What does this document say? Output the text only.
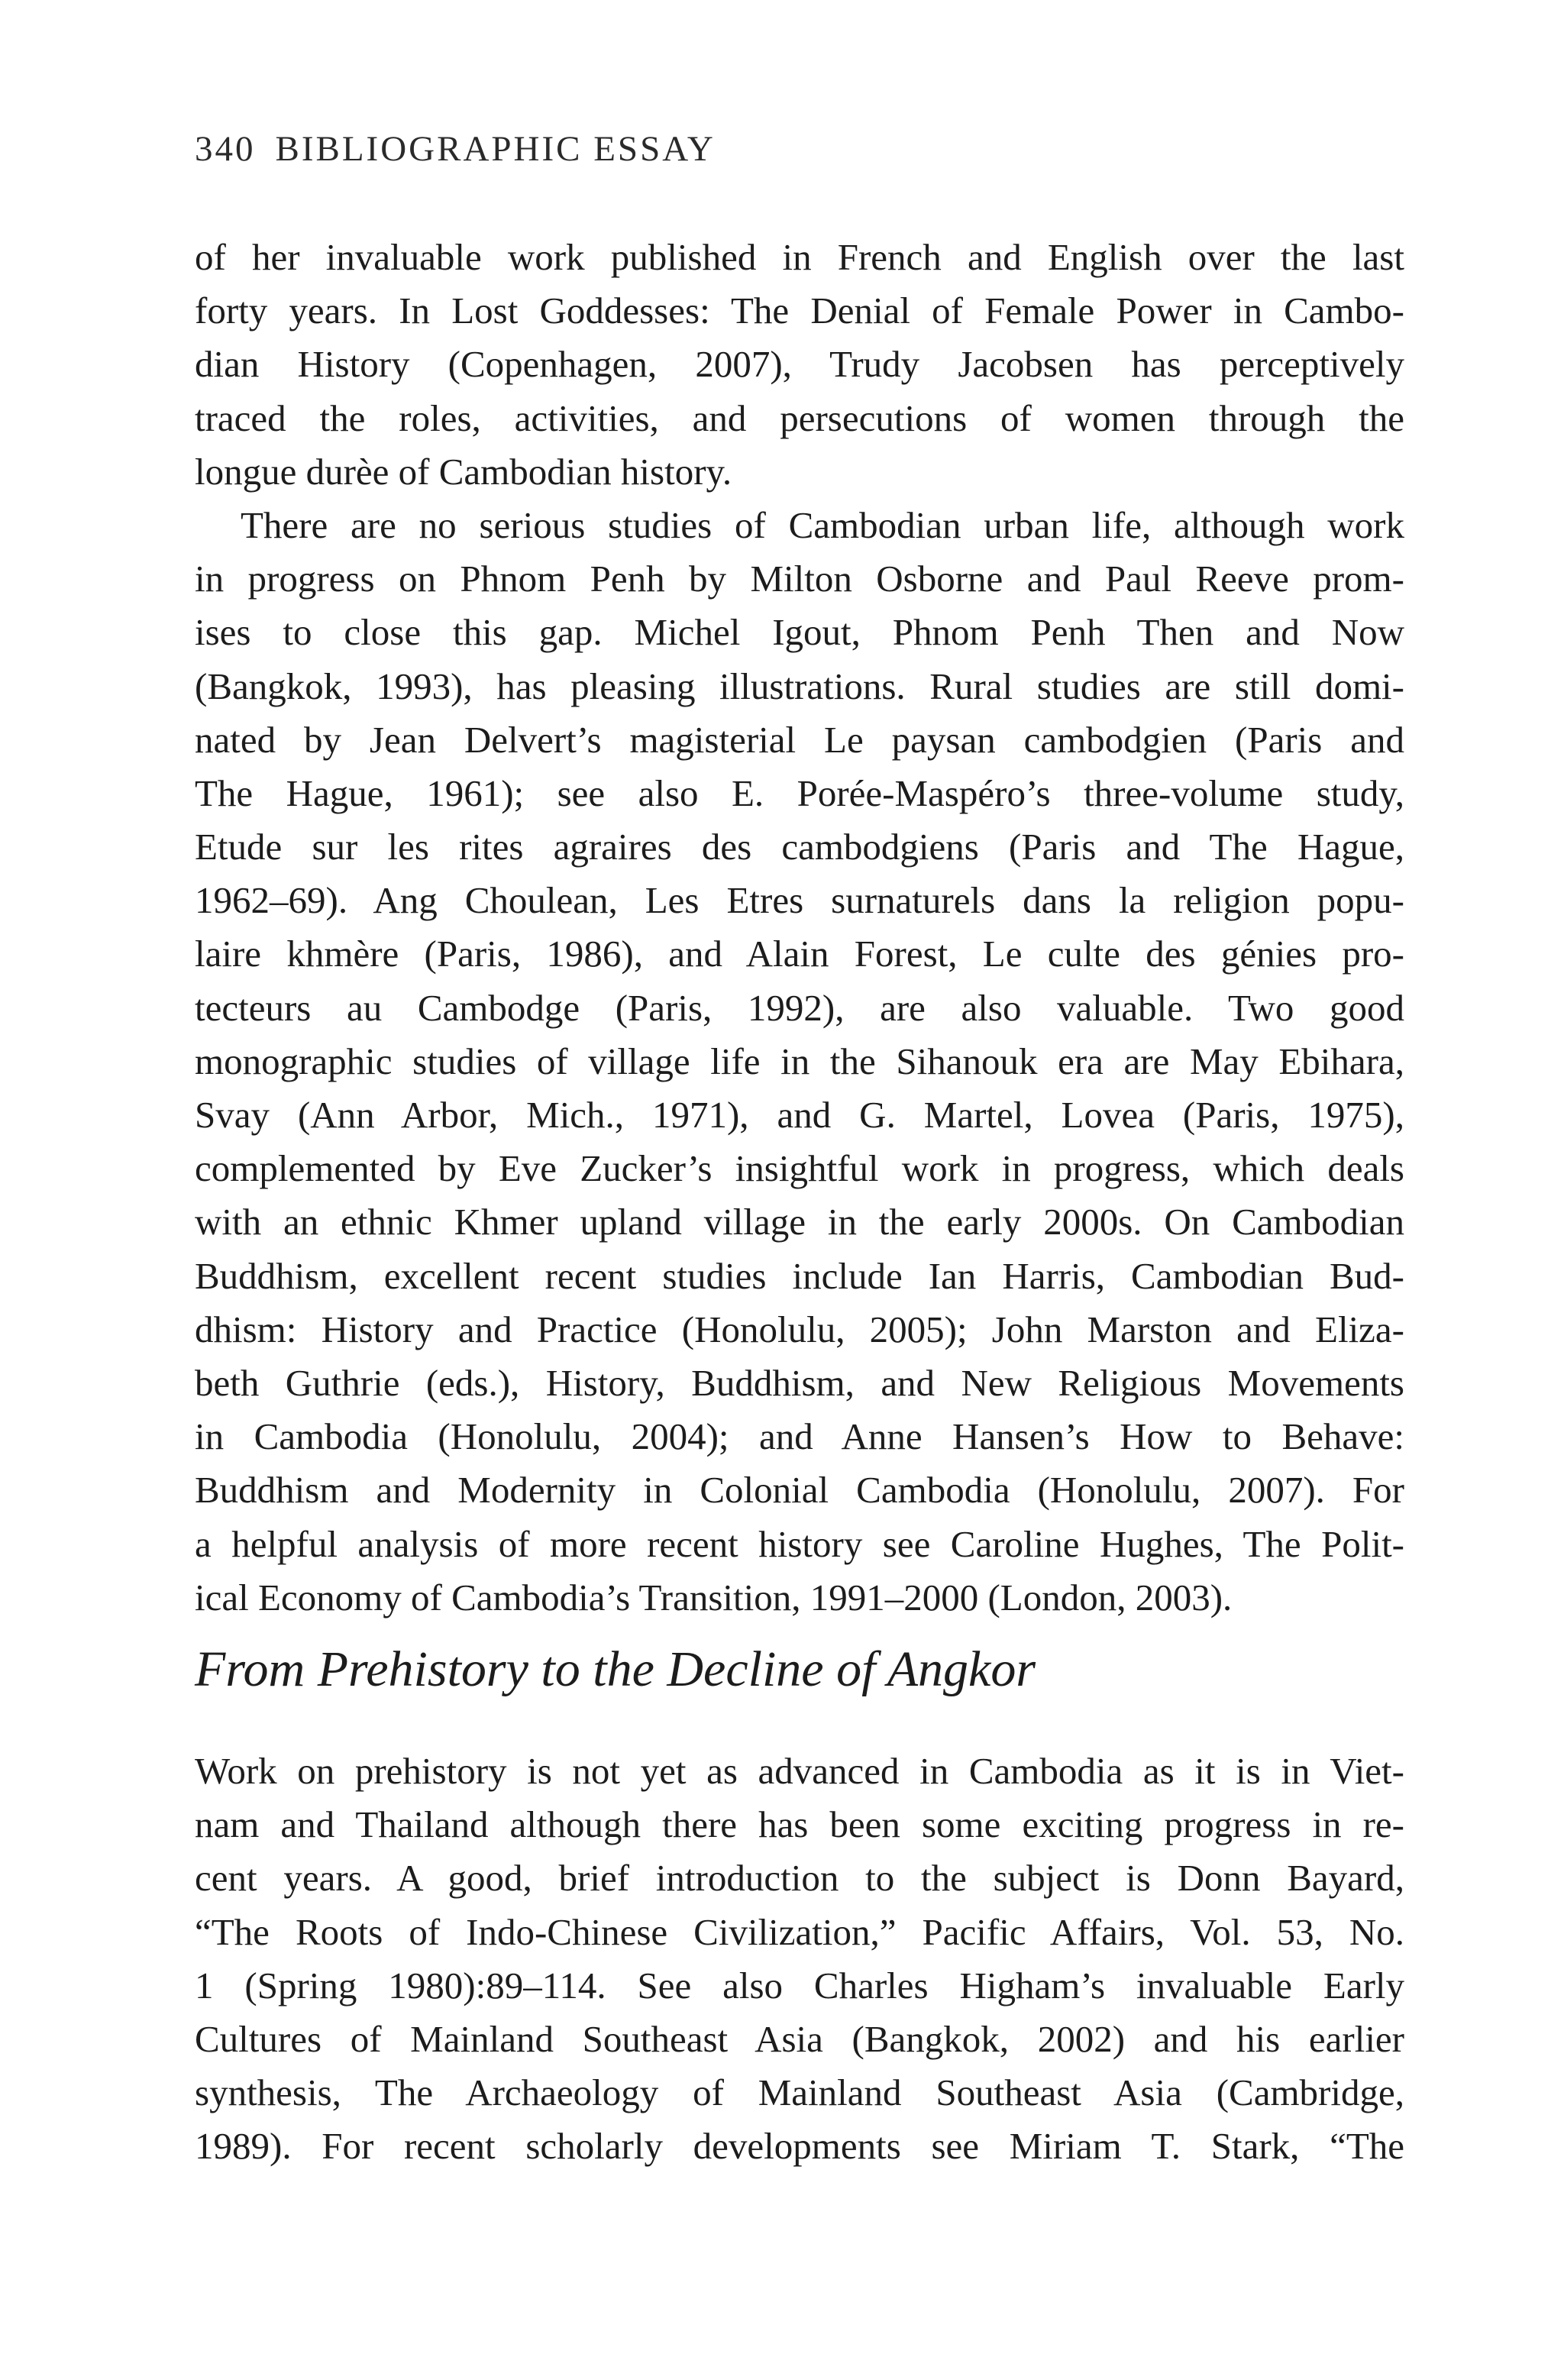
340 BIBLIOGRAPHIC ESSAY
of her invaluable work published in French and English over the last
forty years. In Lost Goddesses: The Denial of Female Power in Cambo-
dian History (Copenhagen, 2007), Trudy Jacobsen has perceptively
traced the roles, activities, and persecutions of women through the
longue durèe of Cambodian history.
There are no serious studies of Cambodian urban life, although work
in progress on Phnom Penh by Milton Osborne and Paul Reeve prom-
ises to close this gap. Michel Igout, Phnom Penh Then and Now
(Bangkok, 1993), has pleasing illustrations. Rural studies are still domi-
nated by Jean Delvert’s magisterial Le paysan cambodgien (Paris and
The Hague, 1961); see also E. Porée-Maspéro’s three-volume study,
Etude sur les rites agraires des cambodgiens (Paris and The Hague,
1962–69). Ang Choulean, Les Etres surnaturels dans la religion popu-
laire khmère (Paris, 1986), and Alain Forest, Le culte des génies pro-
tecteurs au Cambodge (Paris, 1992), are also valuable. Two good
monographic studies of village life in the Sihanouk era are May Ebihara,
Svay (Ann Arbor, Mich., 1971), and G. Martel, Lovea (Paris, 1975),
complemented by Eve Zucker’s insightful work in progress, which deals
with an ethnic Khmer upland village in the early 2000s. On Cambodian
Buddhism, excellent recent studies include Ian Harris, Cambodian Bud-
dhism: History and Practice (Honolulu, 2005); John Marston and Eliza-
beth Guthrie (eds.), History, Buddhism, and New Religious Movements
in Cambodia (Honolulu, 2004); and Anne Hansen’s How to Behave:
Buddhism and Modernity in Colonial Cambodia (Honolulu, 2007). For
a helpful analysis of more recent history see Caroline Hughes, The Polit-
ical Economy of Cambodia’s Transition, 1991–2000 (London, 2003).
From Prehistory to the Decline of Angkor
Work on prehistory is not yet as advanced in Cambodia as it is in Viet-
nam and Thailand although there has been some exciting progress in re-
cent years. A good, brief introduction to the subject is Donn Bayard,
“The Roots of Indo-Chinese Civilization,” Pacific Affairs, Vol. 53, No.
1 (Spring 1980):89–114. See also Charles Higham’s invaluable Early
Cultures of Mainland Southeast Asia (Bangkok, 2002) and his earlier
synthesis, The Archaeology of Mainland Southeast Asia (Cambridge,
1989). For recent scholarly developments see Miriam T. Stark, “The
